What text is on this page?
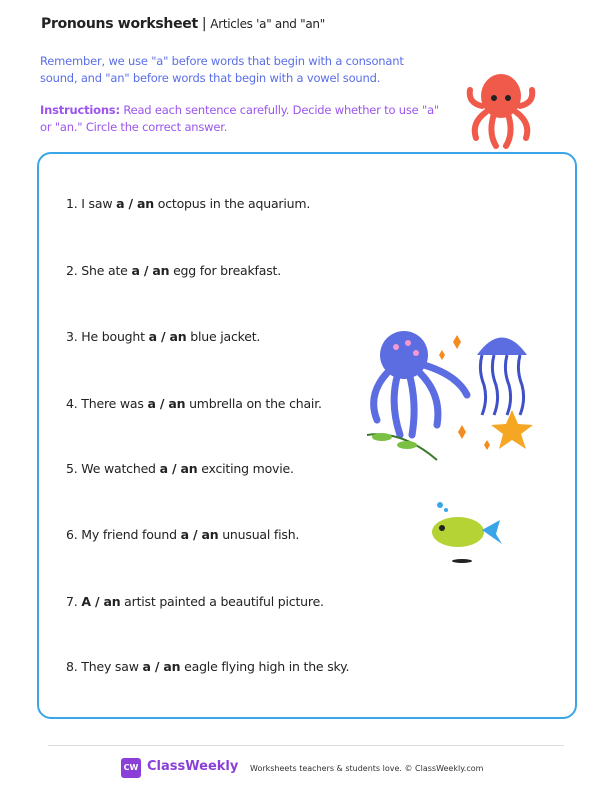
Pronouns worksheet | Articles 'a" and "an"
Remember, we use "a" before words that begin with a consonant sound, and "an" before words that begin with a vowel sound.
Instructions: Read each sentence carefully. Decide whether to use "a" or "an." Circle the correct answer.
1. I saw a / an octopus in the aquarium.
2. She ate a / an egg for breakfast.
3. He bought a / an blue jacket.
4. There was a / an umbrella on the chair.
5. We watched a / an exciting movie.
6. My friend found a / an unusual fish.
7. A / an artist painted a beautiful picture.
8. They saw a / an eagle flying high in the sky.
CW ClassWeekly Worksheets teachers & students love. © ClassWeekly.com
